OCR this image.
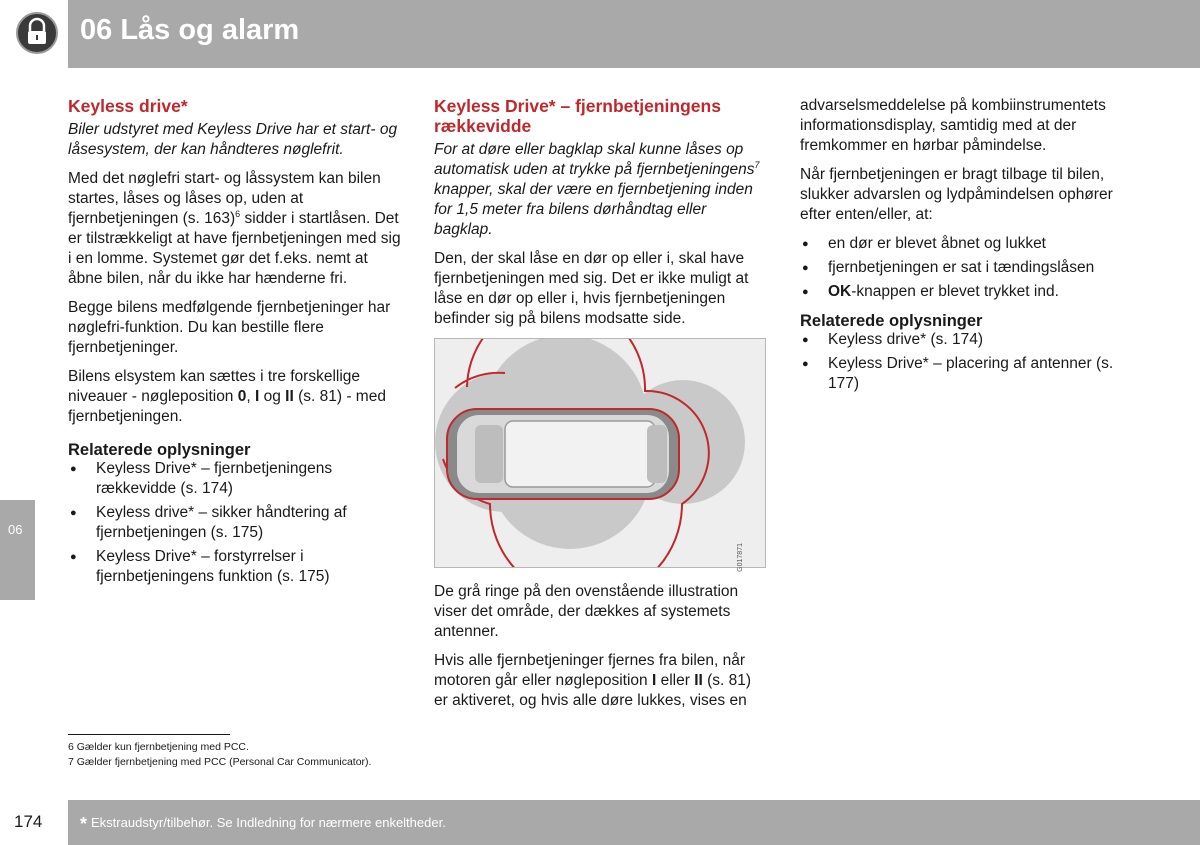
06 Lås og alarm
06
Keyless drive*

Biler udstyret med Keyless Drive har et start- og låsesystem, der kan håndteres nøglefrit.

Med det nøglefri start- og låssystem kan bilen startes, låses og låses op, uden at fjernbetjeningen (s. 163)$^6$ sidder i startlåsen. Det er tilstrækkeligt at have fjernbetjeningen med sig i en lomme. Systemet gør det f.eks. nemt at åbne bilen, når du ikke har hænderne fri.

Begge bilens medfølgende fjernbetjeninger har nøglefri-funktion. Du kan bestille flere fjernbetjeninger.

Bilens elsystem kan sættes i tre forskellige niveauer - nøgleposition 0, I og II (s. 81) - med fjernbetjeningen.

Relaterede oplysninger
● Keyless Drive* – fjernbetjeningens rækkevidde (s. 174)
● Keyless drive* – sikker håndtering af fjernbetjeningen (s. 175)
● Keyless Drive* – forstyrrelser i fjernbetjeningens funktion (s. 175)
Keyless Drive* – fjernbetjeningens rækkevidde

For at døre eller bagklap skal kunne låses op automatisk uden at trykke på fjernbetjeningens$^7$ knapper, skal der være en fjernbetjening inden for 1,5 meter fra bilens dørhåndtag eller bagklap.

Den, der skal låse en dør op eller i, skal have fjernbetjeningen med sig. Det er ikke muligt at låse en dør op eller i, hvis fjernbetjeningen befinder sig på bilens modsatte side.

G017871

De grå ringe på den ovenstående illustration viser det område, der dækkes af systemets antenner.

Hvis alle fjernbetjeninger fjernes fra bilen, når motoren går eller nøgleposition I eller II (s. 81) er aktiveret, og hvis alle døre lukkes, vises en

advarselsmeddelelse på kombiinstrumentets informationsdisplay, samtidig med at der fremkommer en hørbar påmindelse.

Når fjernbetjeningen er bragt tilbage til bilen, slukker advarslen og lydpåmindelsen ophører efter enten/eller, at:

● en dør er blevet åbnet og lukket
● fjernbetjeningen er sat i tændingslåsen
● OK-knappen er blevet trykket ind.
Relaterede oplysninger
● Keyless drive* (s. 174)
● Keyless Drive* – placering af antenner (s. 177)
6 Gælder kun fjernbetjening med PCC.
7 Gælder fjernbetjening med PCC (Personal Car Communicator).
174 * Ekstraudstyr/tilbehør. Se Indledning for nærmere enkeltheder.
